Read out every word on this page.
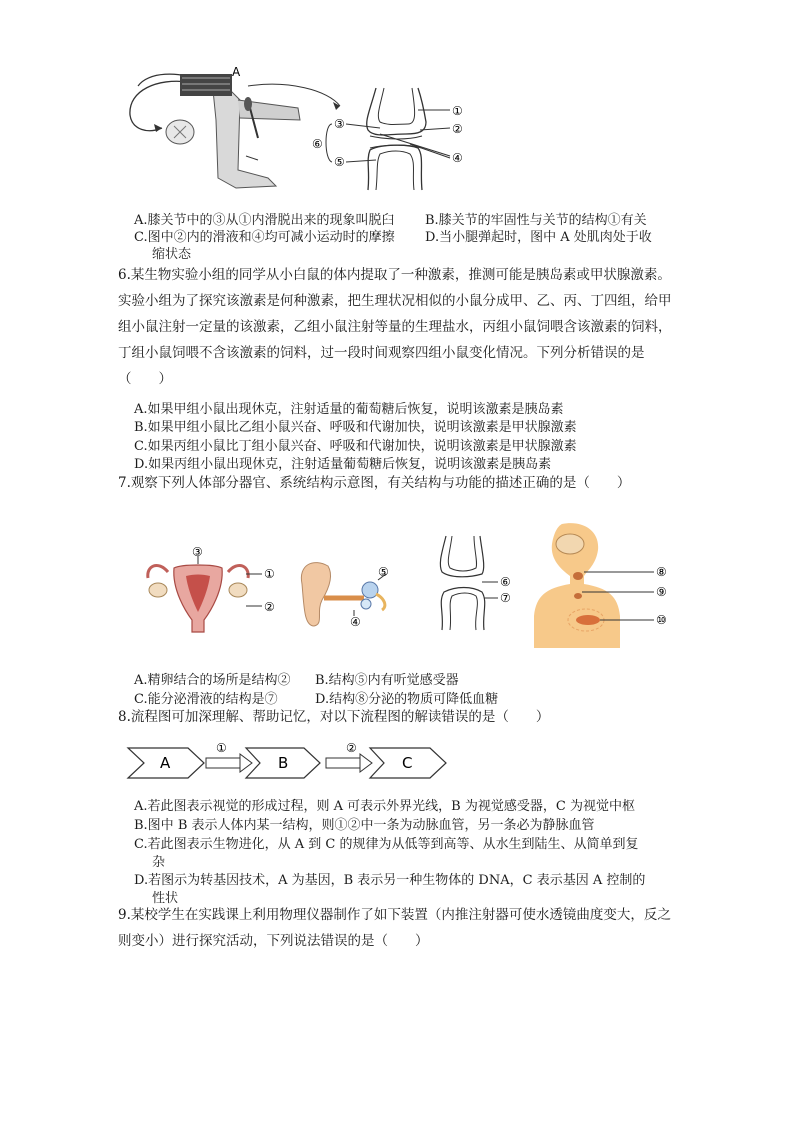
A
①
②
③
④
⑤
⑥
A.膝关节中的③从①内滑脱出来的现象叫脱臼 B.膝关节的牢固性与关节的结构①有关
C.图中②内的滑液和④均可减小运动时的摩擦 D.当小腿弹起时，图中 A 处肌肉处于收
缩状态
6.某生物实验小组的同学从小白鼠的体内提取了一种激素，推测可能是胰岛素或甲状腺激素。实验小组为了探究该激素是何种激素，把生理状况相似的小鼠分成甲、乙、丙、丁四组，给甲组小鼠注射一定量的该激素，乙组小鼠注射等量的生理盐水，丙组小鼠饲喂含该激素的饲料，丁组小鼠饲喂不含该激素的饲料，过一段时间观察四组小鼠变化情况。下列分析错误的是（　　）
A.如果甲组小鼠出现休克，注射适量的葡萄糖后恢复，说明该激素是胰岛素
B.如果甲组小鼠比乙组小鼠兴奋、呼吸和代谢加快，说明该激素是甲状腺激素
C.如果丙组小鼠比丁组小鼠兴奋、呼吸和代谢加快，说明该激素是甲状腺激素
D.如果丙组小鼠出现休克，注射适量葡萄糖后恢复，说明该激素是胰岛素
7.观察下列人体部分器官、系统结构示意图，有关结构与功能的描述正确的是（　　）
③
①
②
⑤
④
⑥
⑦
⑧
⑨
⑩
A.精卵结合的场所是结构② B.结构⑤内有听觉感受器
C.能分泌滑液的结构是⑦	D.结构⑧分泌的物质可降低血糖
8.流程图可加深理解、帮助记忆，对以下流程图的解读错误的是（　　）
A
①
B
②
C
A.若此图表示视觉的形成过程，则 A 可表示外界光线，B 为视觉感受器，C 为视觉中枢
B.图中 B 表示人体内某一结构，则①②中一条为动脉血管，另一条必为静脉血管
C.若此图表示生物进化，从 A 到 C 的规律为从低等到高等、从水生到陆生、从简单到复
杂
D.若图示为转基因技术，A 为基因，B 表示另一种生物体的 DNA，C 表示基因 A 控制的
性状
9.某校学生在实践课上利用物理仪器制作了如下装置（内推注射器可使水透镜曲度变大，反之则变小）进行探究活动，下列说法错误的是（　　）
